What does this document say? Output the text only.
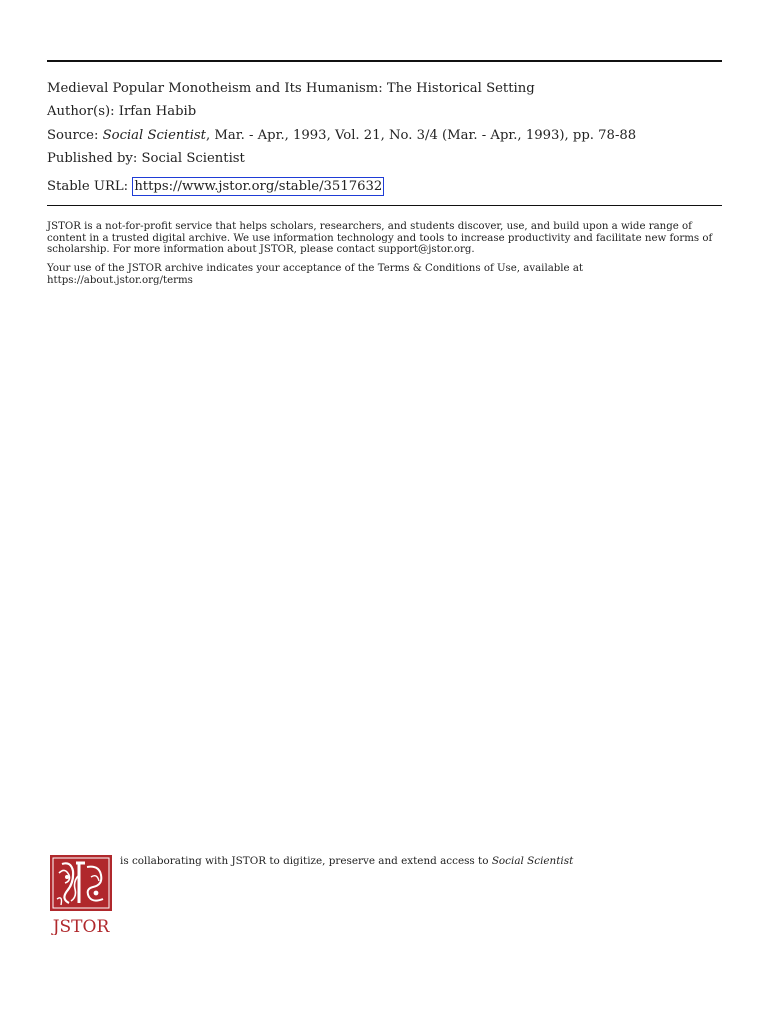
Medieval Popular Monotheism and Its Humanism: The Historical Setting
Author(s): Irfan Habib
Source: Social Scientist, Mar. - Apr., 1993, Vol. 21, No. 3/4 (Mar. - Apr., 1993), pp. 78-88
Published by: Social Scientist
Stable URL: https://www.jstor.org/stable/3517632
JSTOR is a not-for-profit service that helps scholars, researchers, and students discover, use, and build upon a wide range of content in a trusted digital archive. We use information technology and tools to increase productivity and facilitate new forms of scholarship. For more information about JSTOR, please contact support@jstor.org.
Your use of the JSTOR archive indicates your acceptance of the Terms & Conditions of Use, available at https://about.jstor.org/terms
JSTOR
is collaborating with JSTOR to digitize, preserve and extend access to Social Scientist
